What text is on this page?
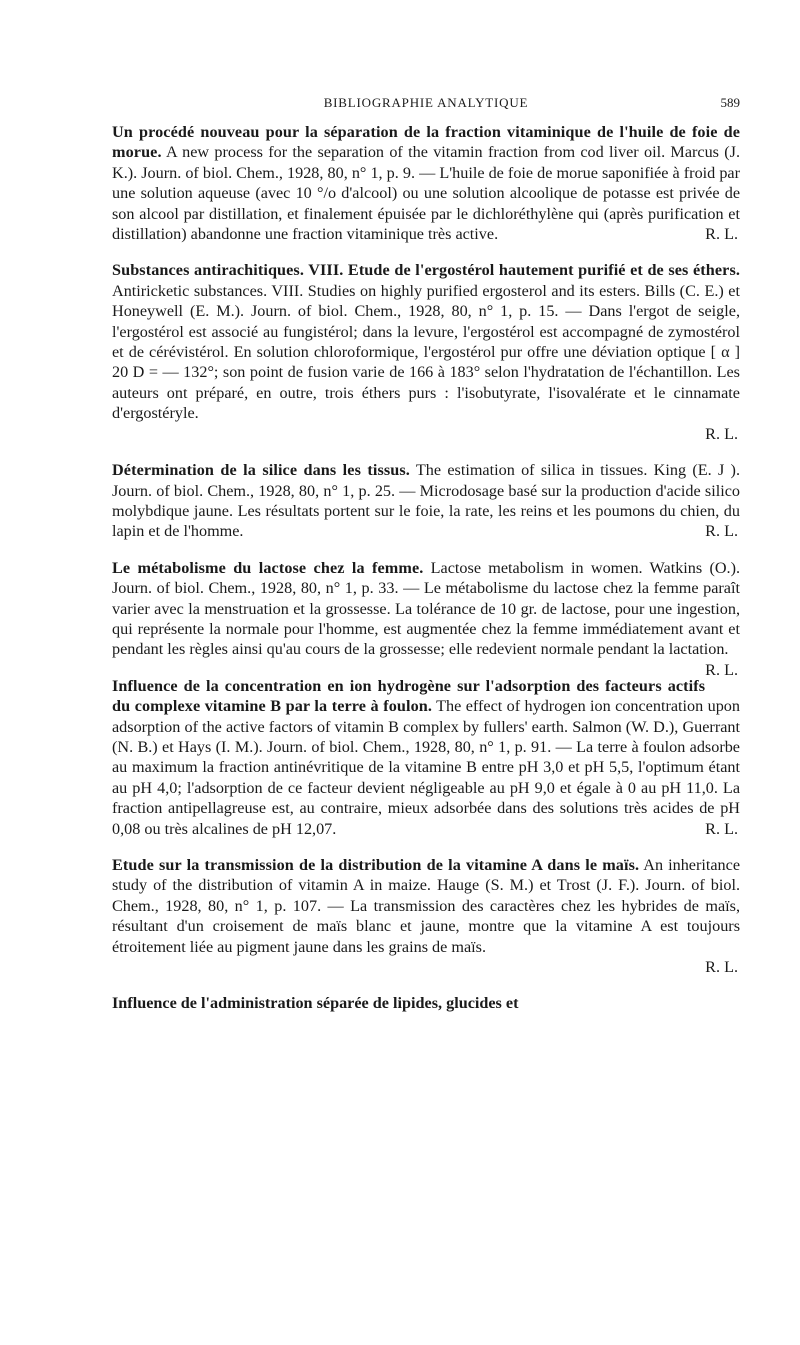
BIBLIOGRAPHIE ANALYTIQUE	589

Un procédé nouveau pour la séparation de la fraction vitaminique de l'huile de foie de morue. A new process for the separation of the vitamin fraction from cod liver oil. Marcus (J. K.). Journ. of biol. Chem., 1928, 80, n° 1, p. 9. — L'huile de foie de morue saponifiée à froid par une solution aqueuse (avec 10 °/o d'alcool) ou une solution alcoolique de potasse est privée de son alcool par distillation, et finalement épuisée par le dichloréthylène qui (après purification et distillation) abandonne une fraction vitaminique très active.	R. L.

Substances antirachitiques. VIII. Etude de l'ergostérol hautement purifié et de ses éthers. Antiricketic substances. VIII. Studies on highly purified ergosterol and its esters. Bills (C. E.) et Honeywell (E. M.). Journ. of biol. Chem., 1928, 80, n° 1, p. 15. — Dans l'ergot de seigle, l'ergostérol est associé au fungistérol; dans la levure, l'ergostérol est accompagné de zymostérol et de cérévistérol. En solution chloroformique, l'ergostérol pur offre une déviation optique [ α ] 20 D = — 132°; son point de fusion varie de 166 à 183° selon l'hydratation de l'échantillon. Les auteurs ont préparé, en outre, trois éthers purs : l'isobutyrate, l'isovalérate et le cinnamate d'ergostéryle.
R. L.

Détermination de la silice dans les tissus. The estimation of silica in tissues. King (E. J ). Journ. of biol. Chem., 1928, 80, n° 1, p. 25. — Microdosage basé sur la production d'acide silico molybdique jaune. Les résultats portent sur le foie, la rate, les reins et les poumons du chien, du lapin et de l'homme.	R. L.

Le métabolisme du lactose chez la femme. Lactose metabolism in women. Watkins (O.). Journ. of biol. Chem., 1928, 80, n° 1, p. 33. — Le métabolisme du lactose chez la femme paraît varier avec la menstruation et la grossesse. La tolérance de 10 gr. de lactose, pour une ingestion, qui représente la normale pour l'homme, est augmentée chez la femme immédiatement avant et pendant les règles ainsi qu'au cours de la grossesse; elle redevient normale pendant la lactation.
R. L.

Influence de la concentration en ion hydrogène sur l'adsorption des facteurs actifs du complexe vitamine B par la terre à foulon. The effect of hydrogen ion concentration upon adsorption of the active factors of vitamin B complex by fullers' earth. Salmon (W. D.), Guerrant (N. B.) et Hays (I. M.). Journ. of biol. Chem., 1928, 80, n° 1, p. 91. — La terre à foulon adsorbe au maximum la fraction antinévritique de la vitamine B entre pH 3,0 et pH 5,5, l'optimum étant au pH 4,0; l'adsorption de ce facteur devient négligeable au pH 9,0 et égale à 0 au pH 11,0. La fraction antipellagreuse est, au contraire, mieux adsorbée dans des solutions très acides de pH 0,08 ou très alcalines de pH 12,07.	R. L.

Etude sur la transmission de la distribution de la vitamine A dans le maïs. An inheritance study of the distribution of vitamin A in maize. Hauge (S. M.) et Trost (J. F.). Journ. of biol. Chem., 1928, 80, n° 1, p. 107. — La transmission des caractères chez les hybrides de maïs, résultant d'un croisement de maïs blanc et jaune, montre que la vitamine A est toujours étroitement liée au pigment jaune dans les grains de maïs.
R. L.

Influence de l'administration séparée de lipides, glucides et
